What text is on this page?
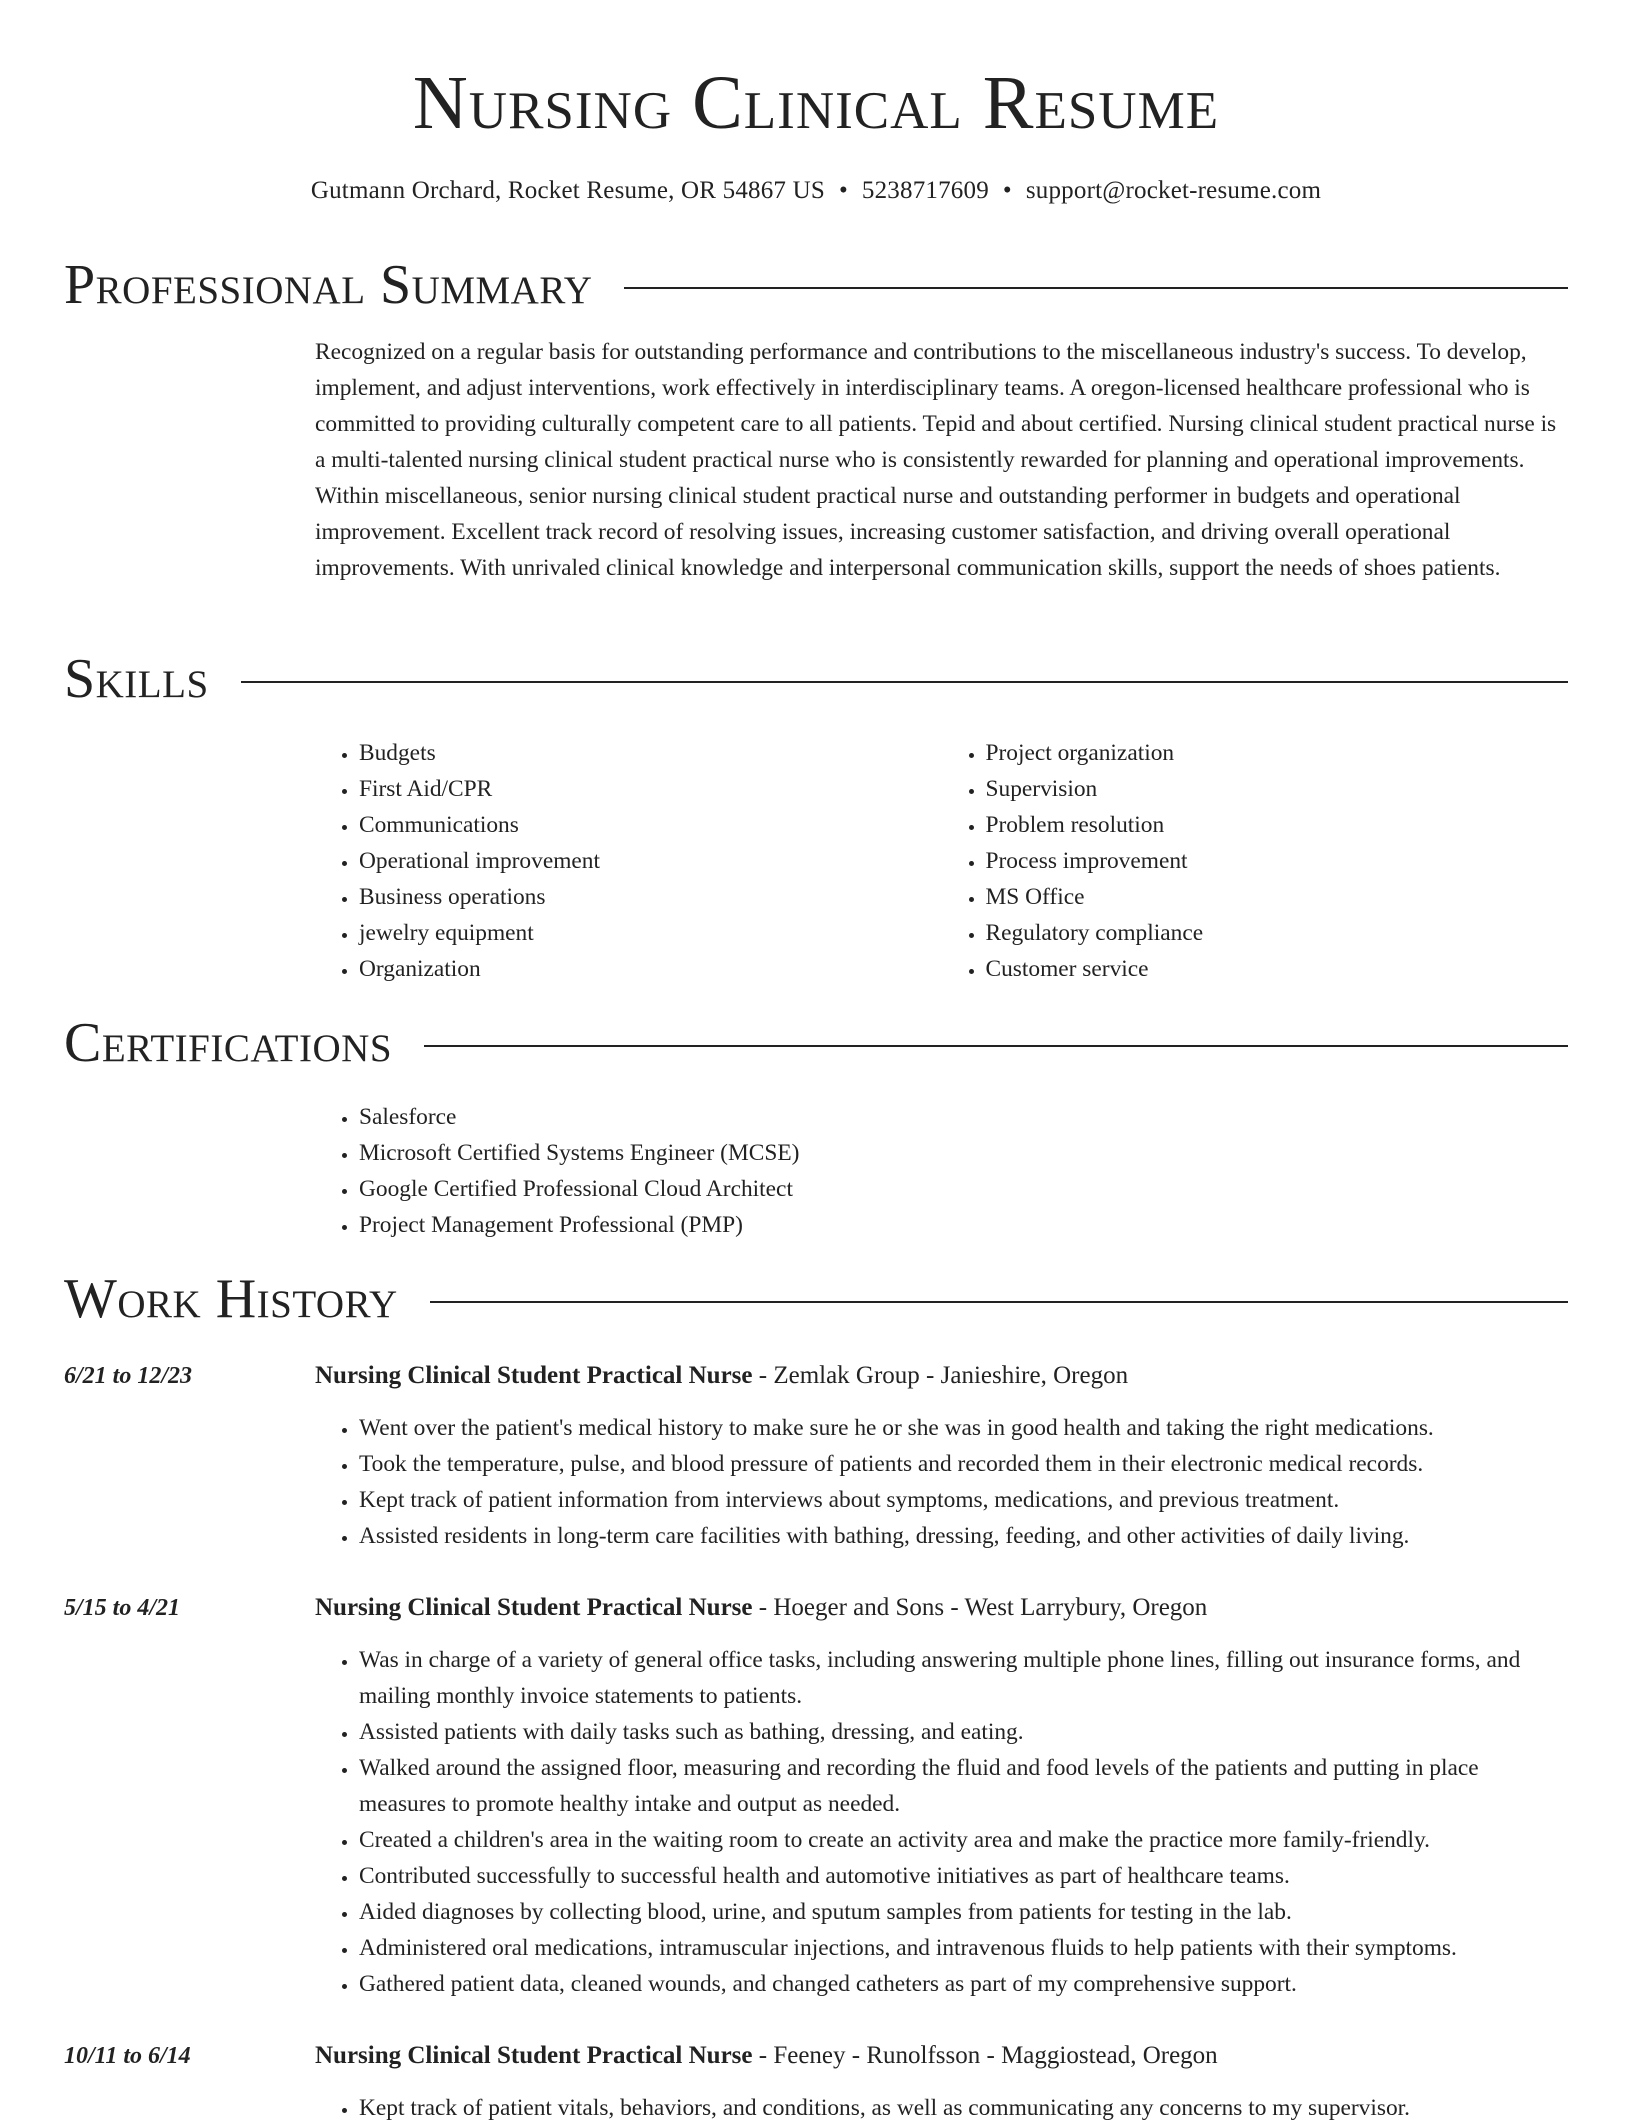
Nursing Clinical Resume
Gutmann Orchard, Rocket Resume, OR 54867 US • 5238717609 • support@rocket-resume.com
Professional Summary

Recognized on a regular basis for outstanding performance and contributions to the miscellaneous industry's success. To develop, implement, and adjust interventions, work effectively in interdisciplinary teams. A oregon-licensed healthcare professional who is committed to providing culturally competent care to all patients. Tepid and about certified. Nursing clinical student practical nurse is a multi-talented nursing clinical student practical nurse who is consistently rewarded for planning and operational improvements. Within miscellaneous, senior nursing clinical student practical nurse and outstanding performer in budgets and operational improvement. Excellent track record of resolving issues, increasing customer satisfaction, and driving overall operational improvements. With unrivaled clinical knowledge and interpersonal communication skills, support the needs of shoes patients.

Skills
• Budgets
• First Aid/CPR
• Communications
• Operational improvement
• Business operations
• jewelry equipment
• Organization
• Project organization
• Supervision
• Problem resolution
• Process improvement
• MS Office
• Regulatory compliance
• Customer service
Certifications
• Salesforce
• Microsoft Certified Systems Engineer (MCSE)
• Google Certified Professional Cloud Architect
• Project Management Professional (PMP)
Work History
6/21 to 12/23	Nursing Clinical Student Practical Nurse - Zemlak Group - Janieshire, Oregon
• Went over the patient's medical history to make sure he or she was in good health and taking the right medications.
• Took the temperature, pulse, and blood pressure of patients and recorded them in their electronic medical records.
• Kept track of patient information from interviews about symptoms, medications, and previous treatment.
• Assisted residents in long-term care facilities with bathing, dressing, feeding, and other activities of daily living.
5/15 to 4/21	Nursing Clinical Student Practical Nurse - Hoeger and Sons - West Larrybury, Oregon
• Was in charge of a variety of general office tasks, including answering multiple phone lines, filling out insurance forms, and mailing monthly invoice statements to patients.
• Assisted patients with daily tasks such as bathing, dressing, and eating.
• Walked around the assigned floor, measuring and recording the fluid and food levels of the patients and putting in place measures to promote healthy intake and output as needed.
• Created a children's area in the waiting room to create an activity area and make the practice more family-friendly.
• Contributed successfully to successful health and automotive initiatives as part of healthcare teams.
• Aided diagnoses by collecting blood, urine, and sputum samples from patients for testing in the lab.
• Administered oral medications, intramuscular injections, and intravenous fluids to help patients with their symptoms.
• Gathered patient data, cleaned wounds, and changed catheters as part of my comprehensive support.
10/11 to 6/14	Nursing Clinical Student Practical Nurse - Feeney - Runolfsson - Maggiostead, Oregon
• Kept track of patient vitals, behaviors, and conditions, as well as communicating any concerns to my supervisor.
